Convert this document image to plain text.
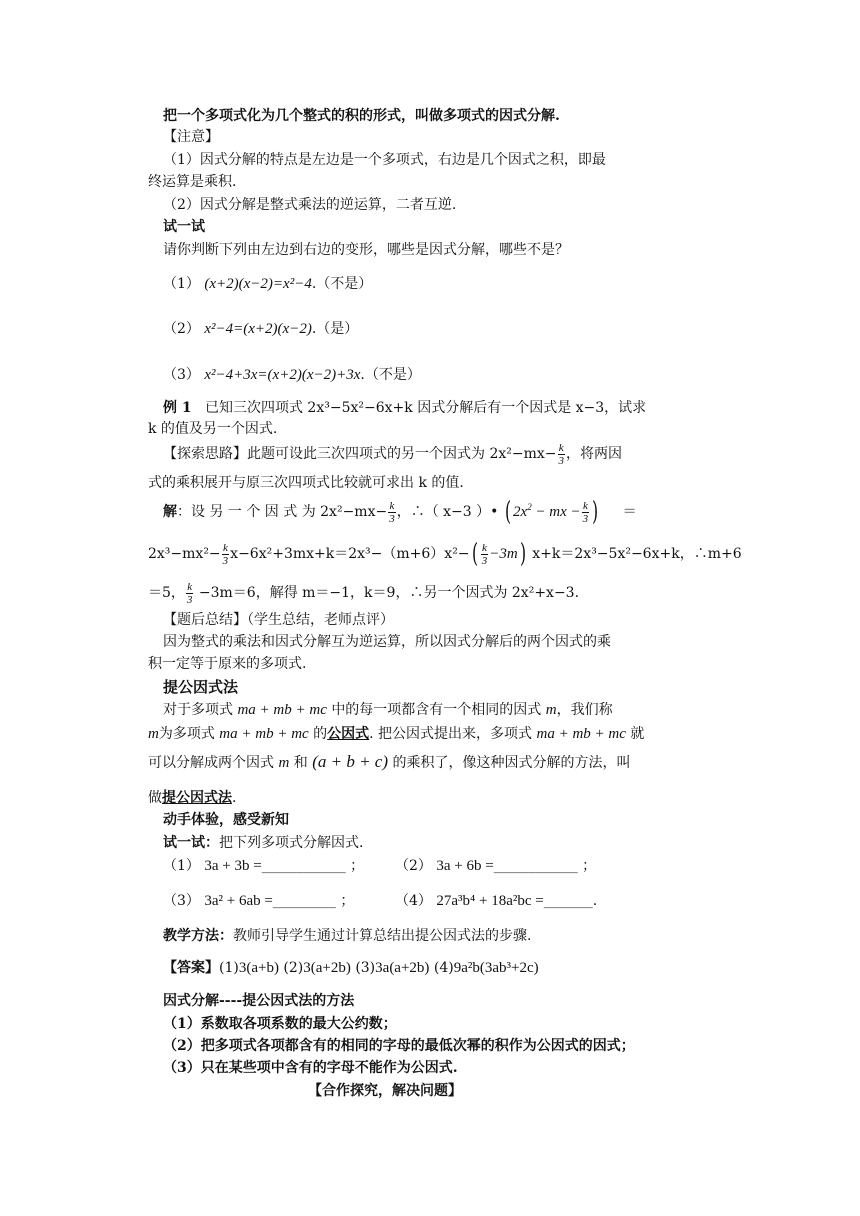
把一个多项式化为几个整式的积的形式，叫做多项式的因式分解.
【注意】
（1）因式分解的特点是左边是一个多项式，右边是几个因式之积，即最
终运算是乘积.
（2）因式分解是整式乘法的逆运算，二者互逆.
试一试
请你判断下列由左边到右边的变形，哪些是因式分解，哪些不是？
（1） (x+2)(x−2)=x²−4.（不是）
（2） x²−4=(x+2)(x−2).（是）
（3） x²−4+3x=(x+2)(x−2)+3x.（不是）
例 1 已知三次四项式 2x³−5x²−6x+k 因式分解后有一个因式是 x−3，试求
k 的值及另一个因式.
【探索思路】此题可设此三次四项式的另一个因式为 $2x^2-mx- \frac{k}{3}$ ，将两因
式的乘积展开与原三次四项式比较就可求出 k 的值.
解：设 另 一 个 因 式 为 $2x^2-mx- \frac{k}{3}$ ，∴（ x−3 ）• ( $2x^2$ − mx − $\frac{k}{3}$ ) ＝
$2x^3-mx^2- \frac{k}{3} x-6x^2+3mx+k=2x^3-(m+6)x^2-( \frac{k}{3} -3m)$ x+k＝2x³−5x²−6x+k，∴m+6
＝5， $\frac{k}{3} -3m=6$，解得 m＝−1，k＝9，∴另一个因式为 2x²+x−3.
【题后总结】（学生总结，老师点评）
因为整式的乘法和因式分解互为逆运算，所以因式分解后的两个因式的乘
积一定等于原来的多项式.
提公因式法
对于多项式 ma + mb + mc 中的每一项都含有一个相同的因式 m，我们称
m为多项式 ma + mb + mc 的公因式. 把公因式提出来，多项式 ma + mb + mc 就
可以分解成两个因式 m 和 (a + b + c) 的乘积了，像这种因式分解的方法，叫
做提公因式法.
动手体验，感受新知
试一试：把下列多项式分解因式.
（1） 3a + 3b =____________ ； （2） 3a + 6b =____________ ；
（3） 3a² + 6ab =_________ ；	（4） 27a³b⁴ + 18a²bc =_______.
教学方法：教师引导学生通过计算总结出提公因式法的步骤.
【答案】(1)3(a+b) (2)3(a+2b) (3)3a(a+2b) (4)9a²b(3ab³+2c)
因式分解----提公因式法的方法
（1）系数取各项系数的最大公约数；
（2）把多项式各项都含有的相同的字母的最低次幂的积作为公因式的因式；
（3）只在某些项中含有的字母不能作为公因式.
【合作探究，解决问题】
